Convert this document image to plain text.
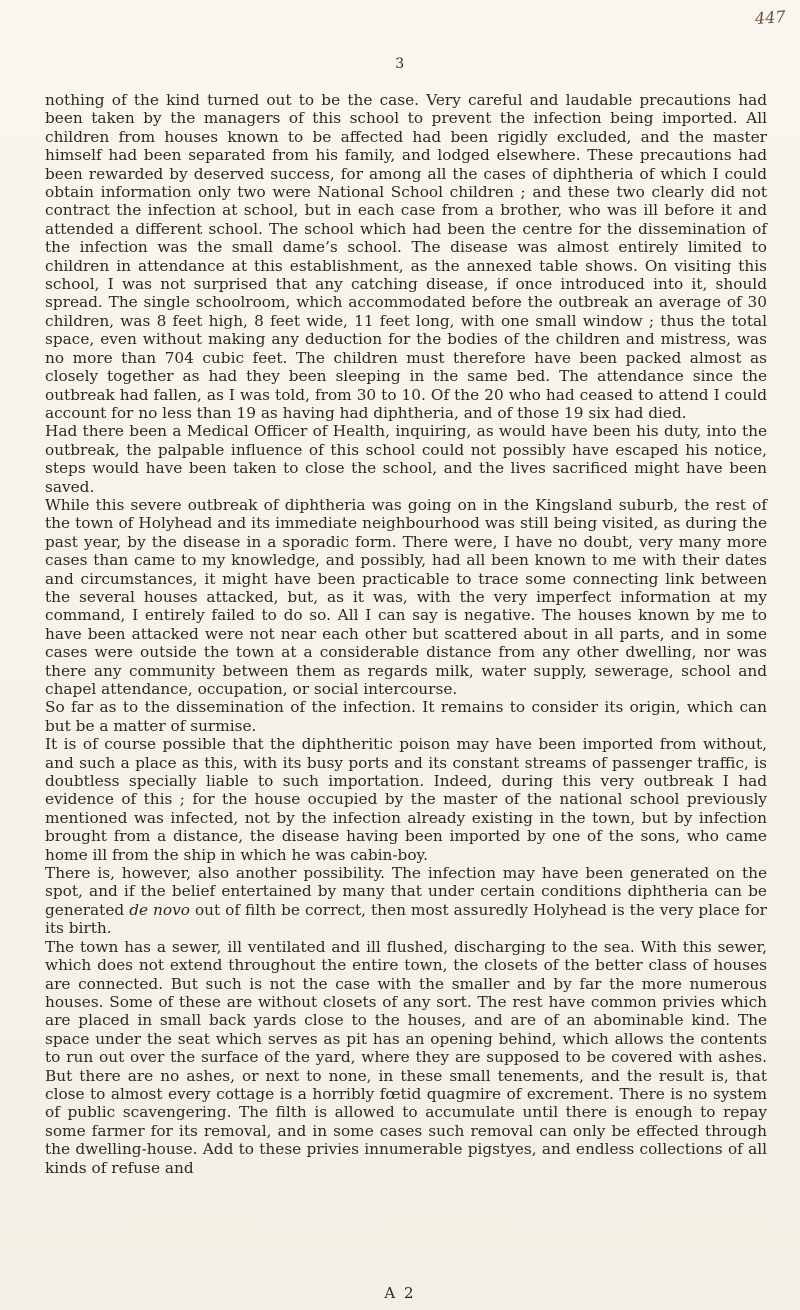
447
3

nothing of the kind turned out to be the case. Very careful and laudable precautions had been taken by the managers of this school to prevent the infection being imported. All children from houses known to be affected had been rigidly excluded, and the master himself had been separated from his family, and lodged elsewhere. These precautions had been rewarded by deserved success, for among all the cases of diphtheria of which I could obtain information only two were National School children ; and these two clearly did not contract the infection at school, but in each case from a brother, who was ill before it and attended a different school. The school which had been the centre for the dissemination of the infection was the small dame’s school. The disease was almost entirely limited to children in attendance at this establishment, as the annexed table shows. On visiting this school, I was not surprised that any catching disease, if once introduced into it, should spread. The single schoolroom, which accommodated before the outbreak an average of 30 children, was 8 feet high, 8 feet wide, 11 feet long, with one small window ; thus the total space, even without making any deduction for the bodies of the children and mistress, was no more than 704 cubic feet. The children must therefore have been packed almost as closely together as had they been sleeping in the same bed. The attendance since the outbreak had fallen, as I was told, from 30 to 10. Of the 20 who had ceased to attend I could account for no less than 19 as having had diphtheria, and of those 19 six had died.

Had there been a Medical Officer of Health, inquiring, as would have been his duty, into the outbreak, the palpable influence of this school could not possibly have escaped his notice, steps would have been taken to close the school, and the lives sacrificed might have been saved.

While this severe outbreak of diphtheria was going on in the Kingsland suburb, the rest of the town of Holyhead and its immediate neighbourhood was still being visited, as during the past year, by the disease in a sporadic form. There were, I have no doubt, very many more cases than came to my knowledge, and possibly, had all been known to me with their dates and circumstances, it might have been practicable to trace some connecting link between the several houses attacked, but, as it was, with the very imperfect information at my command, I entirely failed to do so. All I can say is negative. The houses known by me to have been attacked were not near each other but scattered about in all parts, and in some cases were outside the town at a considerable distance from any other dwelling, nor was there any community between them as regards milk, water supply, sewerage, school and chapel attendance, occupation, or social intercourse.

So far as to the dissemination of the infection. It remains to consider its origin, which can but be a matter of surmise.

It is of course possible that the diphtheritic poison may have been imported from without, and such a place as this, with its busy ports and its constant streams of passenger traffic, is doubtless specially liable to such importation. Indeed, during this very outbreak I had evidence of this ; for the house occupied by the master of the national school previously mentioned was infected, not by the infection already existing in the town, but by infection brought from a distance, the disease having been imported by one of the sons, who came home ill from the ship in which he was cabin-boy.

There is, however, also another possibility. The infection may have been generated on the spot, and if the belief entertained by many that under certain conditions diphtheria can be generated de novo out of filth be correct, then most assuredly Holyhead is the very place for its birth.

The town has a sewer, ill ventilated and ill flushed, discharging to the sea. With this sewer, which does not extend throughout the entire town, the closets of the better class of houses are connected. But such is not the case with the smaller and by far the more numerous houses. Some of these are without closets of any sort. The rest have common privies which are placed in small back yards close to the houses, and are of an abominable kind. The space under the seat which serves as pit has an opening behind, which allows the contents to run out over the surface of the yard, where they are supposed to be covered with ashes. But there are no ashes, or next to none, in these small tenements, and the result is, that close to almost every cottage is a horribly fœtid quagmire of excrement. There is no system of public scavengering. The filth is allowed to accumulate until there is enough to repay some farmer for its removal, and in some cases such removal can only be effected through the dwelling-house. Add to these privies innumerable pigstyes, and endless collections of all kinds of refuse and

A 2
